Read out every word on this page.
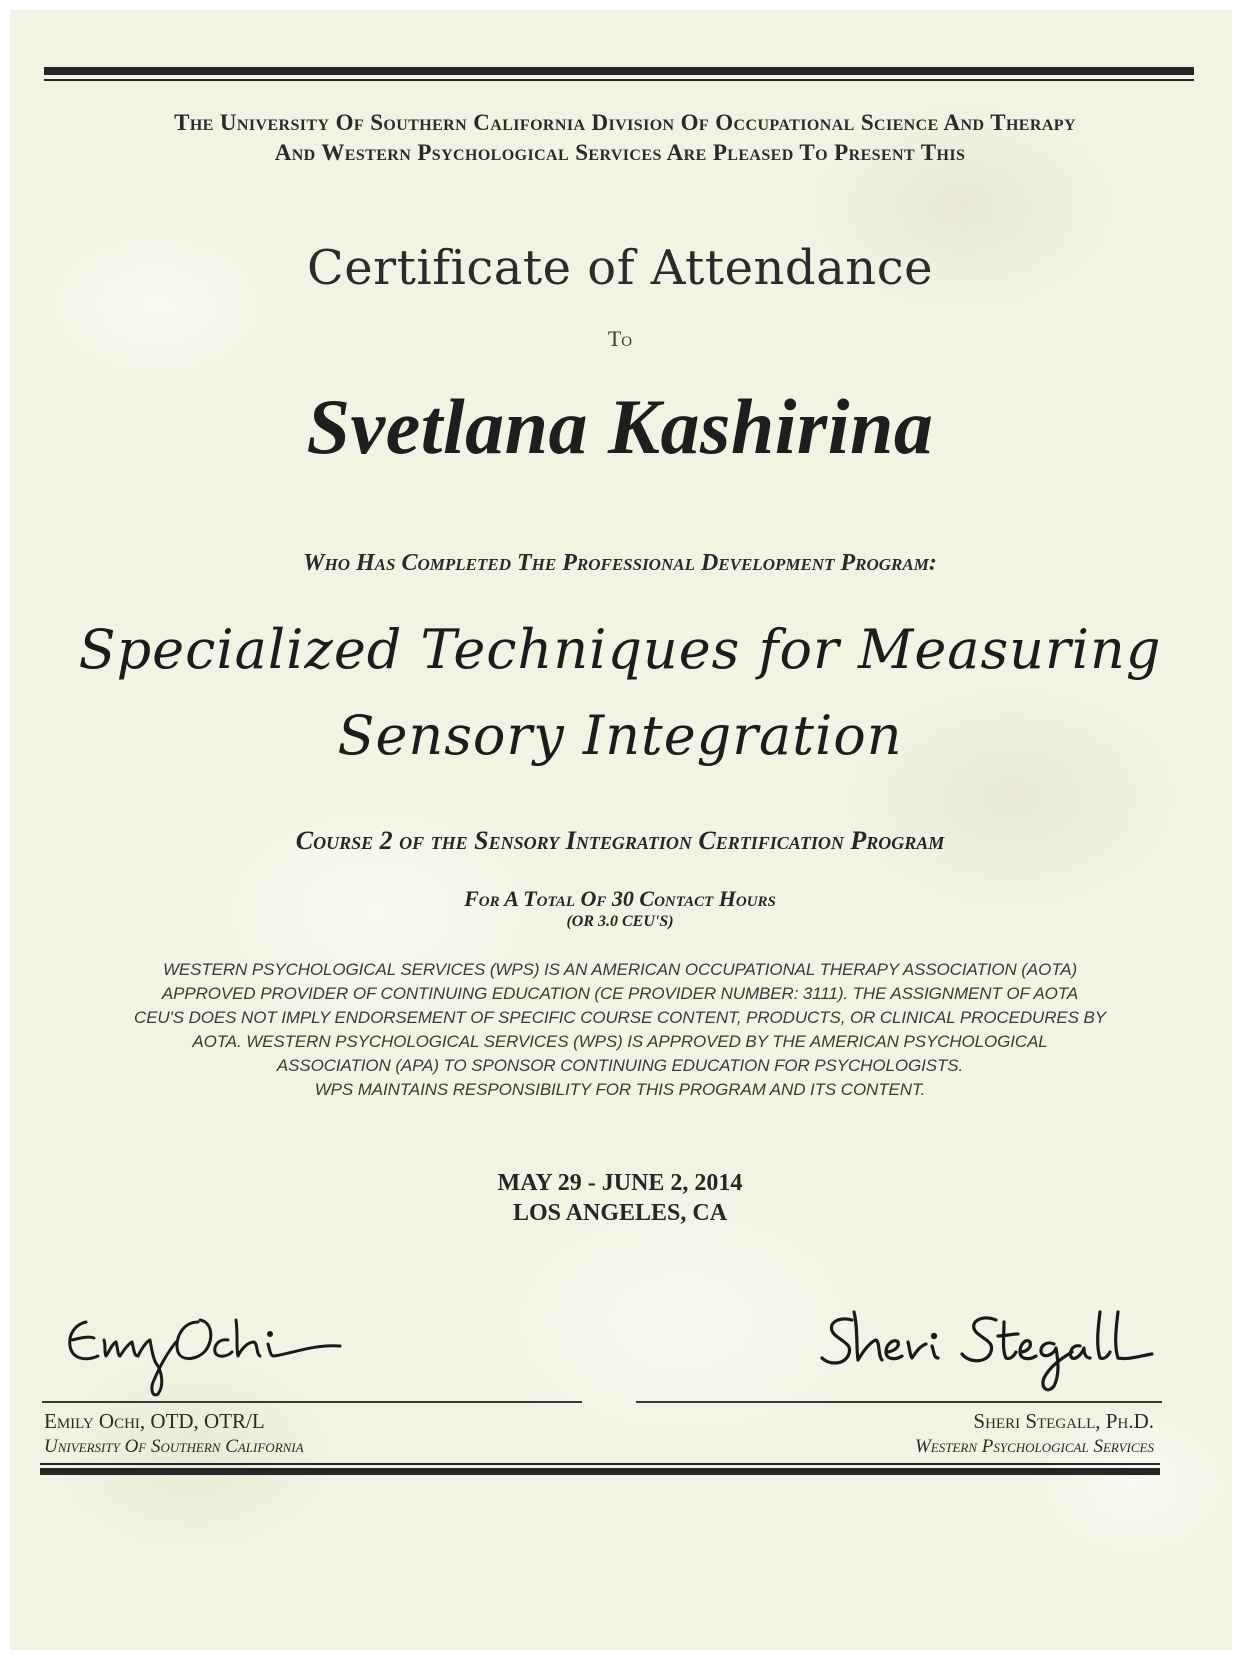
The University Of Southern California Division Of Occupational Science And Therapy
And Western Psychological Services Are Pleased To Present This
Certificate of Attendance
To
Svetlana Kashirina
Who Has Completed The Professional Development Program:
Specialized Techniques for Measuring
Sensory Integration
Course 2 of the Sensory Integration Certification Program
For A Total Of 30 Contact Hours
(OR 3.0 CEU'S)
WESTERN PSYCHOLOGICAL SERVICES (WPS) IS AN AMERICAN OCCUPATIONAL THERAPY ASSOCIATION (AOTA)
APPROVED PROVIDER OF CONTINUING EDUCATION (CE PROVIDER NUMBER: 3111). THE ASSIGNMENT OF AOTA
CEU'S DOES NOT IMPLY ENDORSEMENT OF SPECIFIC COURSE CONTENT, PRODUCTS, OR CLINICAL PROCEDURES BY
AOTA. WESTERN PSYCHOLOGICAL SERVICES (WPS) IS APPROVED BY THE AMERICAN PSYCHOLOGICAL
ASSOCIATION (APA) TO SPONSOR CONTINUING EDUCATION FOR PSYCHOLOGISTS.
WPS MAINTAINS RESPONSIBILITY FOR THIS PROGRAM AND ITS CONTENT.
MAY 29 - JUNE 2, 2014
LOS ANGELES, CA
Emily Ochi, OTD, OTR/L
University Of Southern California
Sheri Stegall, Ph.D.
Western Psychological Services
